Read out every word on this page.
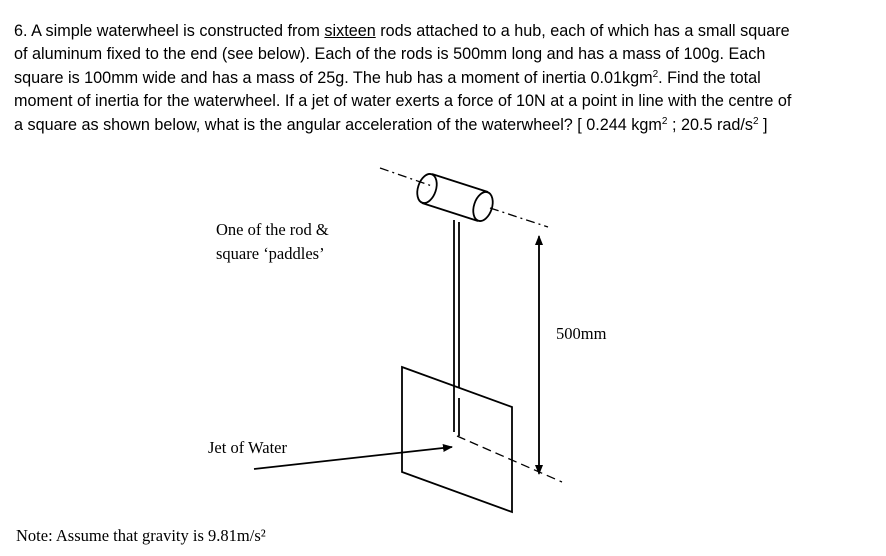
6. A simple waterwheel is constructed from sixteen rods attached to a hub, each of which has a small square
of aluminum fixed to the end (see below). Each of the rods is 500mm long and has a mass of 100g. Each
square is 100mm wide and has a mass of 25g. The hub has a moment of inertia 0.01kgm$^2$. Find the total
moment of inertia for the waterwheel. If a jet of water exerts a force of 10N at a point in line with the centre of
a square as shown below, what is the angular acceleration of the waterwheel? [ 0.244 kgm$^2$ ; 20.5 rad/$s^2$ ]

One of the rod &

square ‘paddles’

500mm

Jet of Water

Note: Assume that gravity is 9.81m/s²
